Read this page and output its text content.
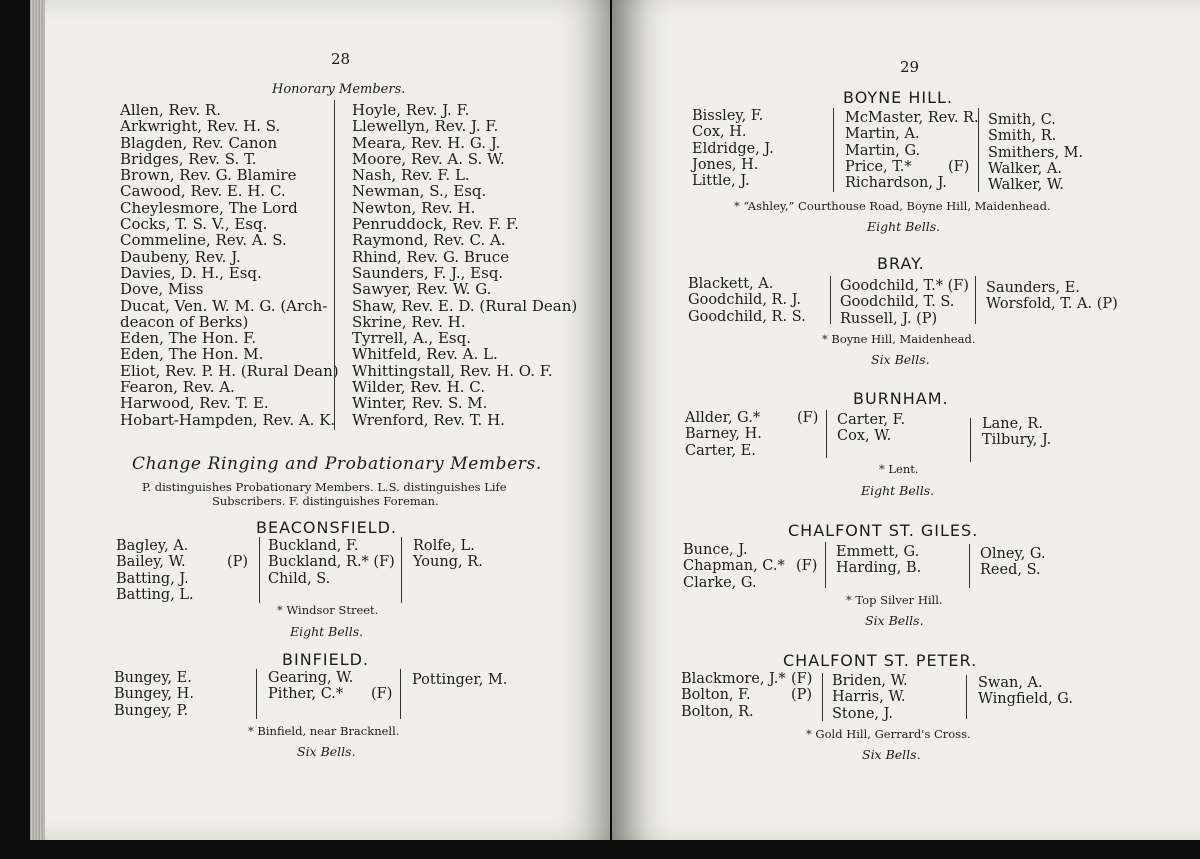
28
Honorary Members.
Allen, Rev. R.
Arkwright, Rev. H. S.
Blagden, Rev. Canon
Bridges, Rev. S. T.
Brown, Rev. G. Blamire
Cawood, Rev. E. H. C.
Cheylesmore, The Lord
Cocks, T. S. V., Esq.
Commeline, Rev. A. S.
Daubeny, Rev. J.
Davies, D. H., Esq.
Dove, Miss
Ducat, Ven. W. M. G. (Arch-
deacon of Berks)
Eden, The Hon. F.
Eden, The Hon. M.
Eliot, Rev. P. H. (Rural Dean)
Fearon, Rev. A.
Harwood, Rev. T. E.
Hobart-Hampden, Rev. A. K.
Hoyle, Rev. J. F.
Llewellyn, Rev. J. F.
Meara, Rev. H. G. J.
Moore, Rev. A. S. W.
Nash, Rev. F. L.
Newman, S., Esq.
Newton, Rev. H.
Penruddock, Rev. F. F.
Raymond, Rev. C. A.
Rhind, Rev. G. Bruce
Saunders, F. J., Esq.
Sawyer, Rev. W. G.
Shaw, Rev. E. D. (Rural Dean)
Skrine, Rev. H.
Tyrrell, A., Esq.
Whitfeld, Rev. A. L.
Whittingstall, Rev. H. O. F.
Wilder, Rev. H. C.
Winter, Rev. S. M.
Wrenford, Rev. T. H.
Change Ringing and Probationary Members.
P. distinguishes Probationary Members. L.S. distinguishes Life
Subscribers. F. distinguishes Foreman.
BEACONSFIELD.
Bagley, A.
Bailey, W.
Batting, J.
Batting, L.
(P)
Buckland, F.
Buckland, R.* (F)
Child, S.
Rolfe, L.
Young, R.
* Windsor Street.
Eight Bells.
BINFIELD.
Bungey, E.
Bungey, H.
Bungey, P.
Gearing, W.
Pither, C.*	(F)
Pottinger, M.
* Binfield, near Bracknell.
Six Bells.
29
BOYNE HILL.
Bissley, F.
Cox, H.
Eldridge, J.
Jones, H.
Little, J.
McMaster, Rev. R.
Martin, A.
Martin, G.
Price, T.*
Richardson, J.
(F)
Smith, C.
Smith, R.
Smithers, M.
Walker, A.
Walker, W.
* “Ashley,” Courthouse Road, Boyne Hill, Maidenhead.
Eight Bells.
BRAY.
Blackett, A.
Goodchild, R. J.
Goodchild, R. S.
Goodchild, T.* (F)
Goodchild, T. S.
Russell, J. (P)
Saunders, E.
Worsfold, T. A. (P)
* Boyne Hill, Maidenhead.
Six Bells.
BURNHAM.
Allder, G.*
Barney, H.
Carter, E.
(F) Carter, F.
Cox, W.
Lane, R.
Tilbury, J.
* Lent.
Eight Bells.
CHALFONT ST. GILES.
Bunce, J.
Chapman, C.*
Clarke, G.
(F)
Emmett, G.
Harding, B.
Olney, G.
Reed, S.
* Top Silver Hill.
Six Bells.
CHALFONT ST. PETER.
Blackmore, J.*
Bolton, F.
Bolton, R.
(F)
(P)
Briden, W.
Harris, W.
Stone, J.
Swan, A.
Wingfield, G.
* Gold Hill, Gerrard's Cross.
Six Bells.
